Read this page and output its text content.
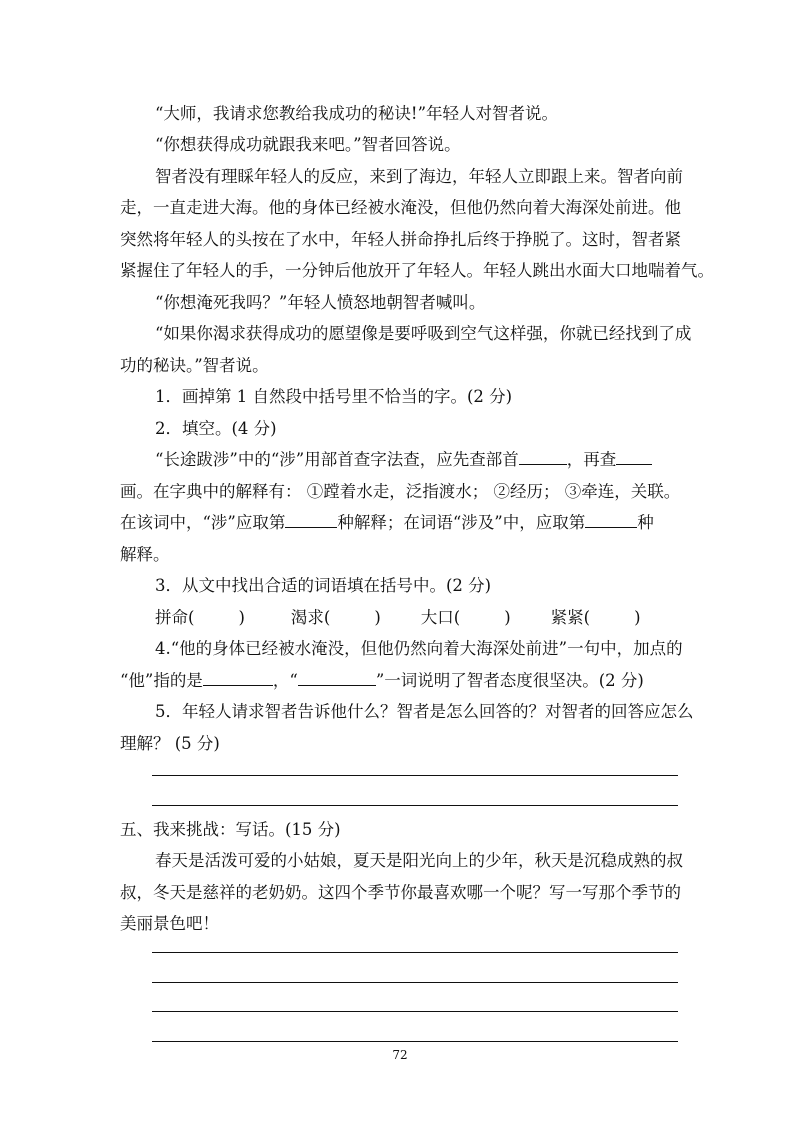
“大师，我请求您教给我成功的秘诀!”年轻人对智者说。
“你想获得成功就跟我来吧。”智者回答说。
智者没有理睬年轻人的反应，来到了海边，年轻人立即跟上来。智者向前
走，一直走进大海。他的身体已经被水淹没，但他仍然向着大海深处前进。他
突然将年轻人的头按在了水中，年轻人拼命挣扎后终于挣脱了。这时，智者紧
紧握住了年轻人的手，一分钟后他放开了年轻人。年轻人跳出水面大口地喘着气。
“你想淹死我吗？”年轻人愤怒地朝智者喊叫。
“如果你渴求获得成功的愿望像是要呼吸到空气这样强，你就已经找到了成
功的秘诀。”智者说。
1．画掉第 1 自然段中括号里不恰当的字。(2 分)
2．填空。(4 分)
“长途跋涉”中的“涉”用部首查字法查，应先查部首	，再查
画。在字典中的解释有： ①蹚着水走，泛指渡水； ②经历； ③牵连，关联。
在该词中，“涉”应取第	种解释；在词语“涉及”中，应取第	种
解释。
3．从文中找出合适的词语填在括号中。(2 分)
拼命(	)	渴求(	) 大口(	) 紧紧(	)
4.“他的身体已经被水淹没，但他仍然向着大海深处前进”一句中，加点的
“他”指的是	，“	”一词说明了智者态度很坚决。(2 分)
5．年轻人请求智者告诉他什么？智者是怎么回答的？对智者的回答应怎么
理解？ (5 分)
五、我来挑战：写话。(15 分)
春天是活泼可爱的小姑娘，夏天是阳光向上的少年，秋天是沉稳成熟的叔
叔，冬天是慈祥的老奶奶。这四个季节你最喜欢哪一个呢？写一写那个季节的
美丽景色吧！
72
